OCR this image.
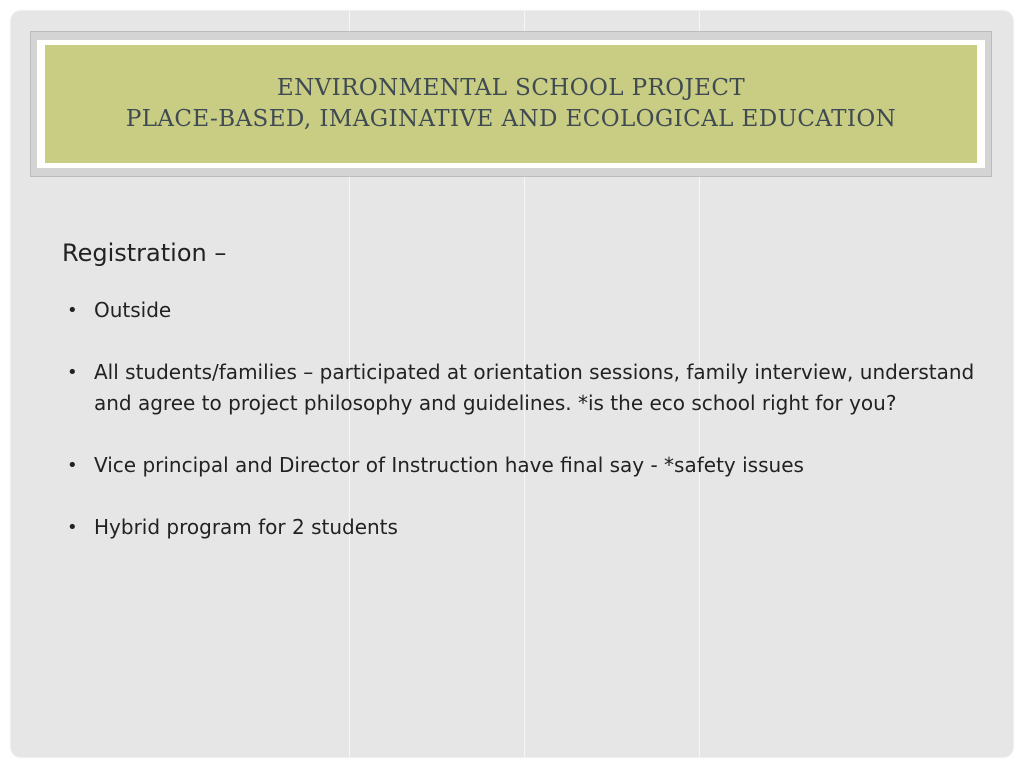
ENVIRONMENTAL SCHOOL PROJECT
PLACE-BASED, IMAGINATIVE AND ECOLOGICAL EDUCATION
Registration –
• Outside
• All students/families – participated at orientation sessions, family interview, understand and agree to project philosophy and guidelines. *is the eco school right for you?
• Vice principal and Director of Instruction have final say - *safety issues
• Hybrid program for 2 students
